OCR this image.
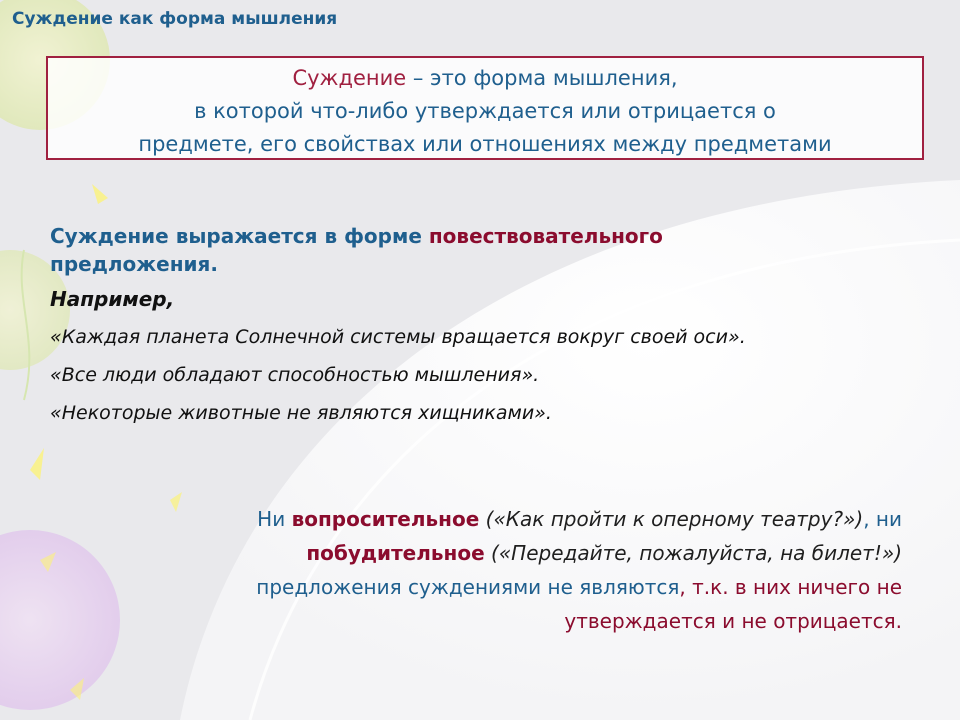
Суждение как форма мышления
Суждение – это форма мышления,
в которой что-либо утверждается или отрицается о
предмете, его свойствах или отношениях между предметами

Суждение выражается в форме повествовательного
предложения.

Например,
«Каждая планета Солнечной системы вращается вокруг своей оси».
«Все люди обладают способностью мышления».
«Некоторые животные не являются хищниками».
Ни вопросительное («Как пройти к оперному театру?»), ни
побудительное («Передайте, пожалуйста, на билет!»)
предложения суждениями не являются, т.к. в них ничего не
утверждается и не отрицается.
